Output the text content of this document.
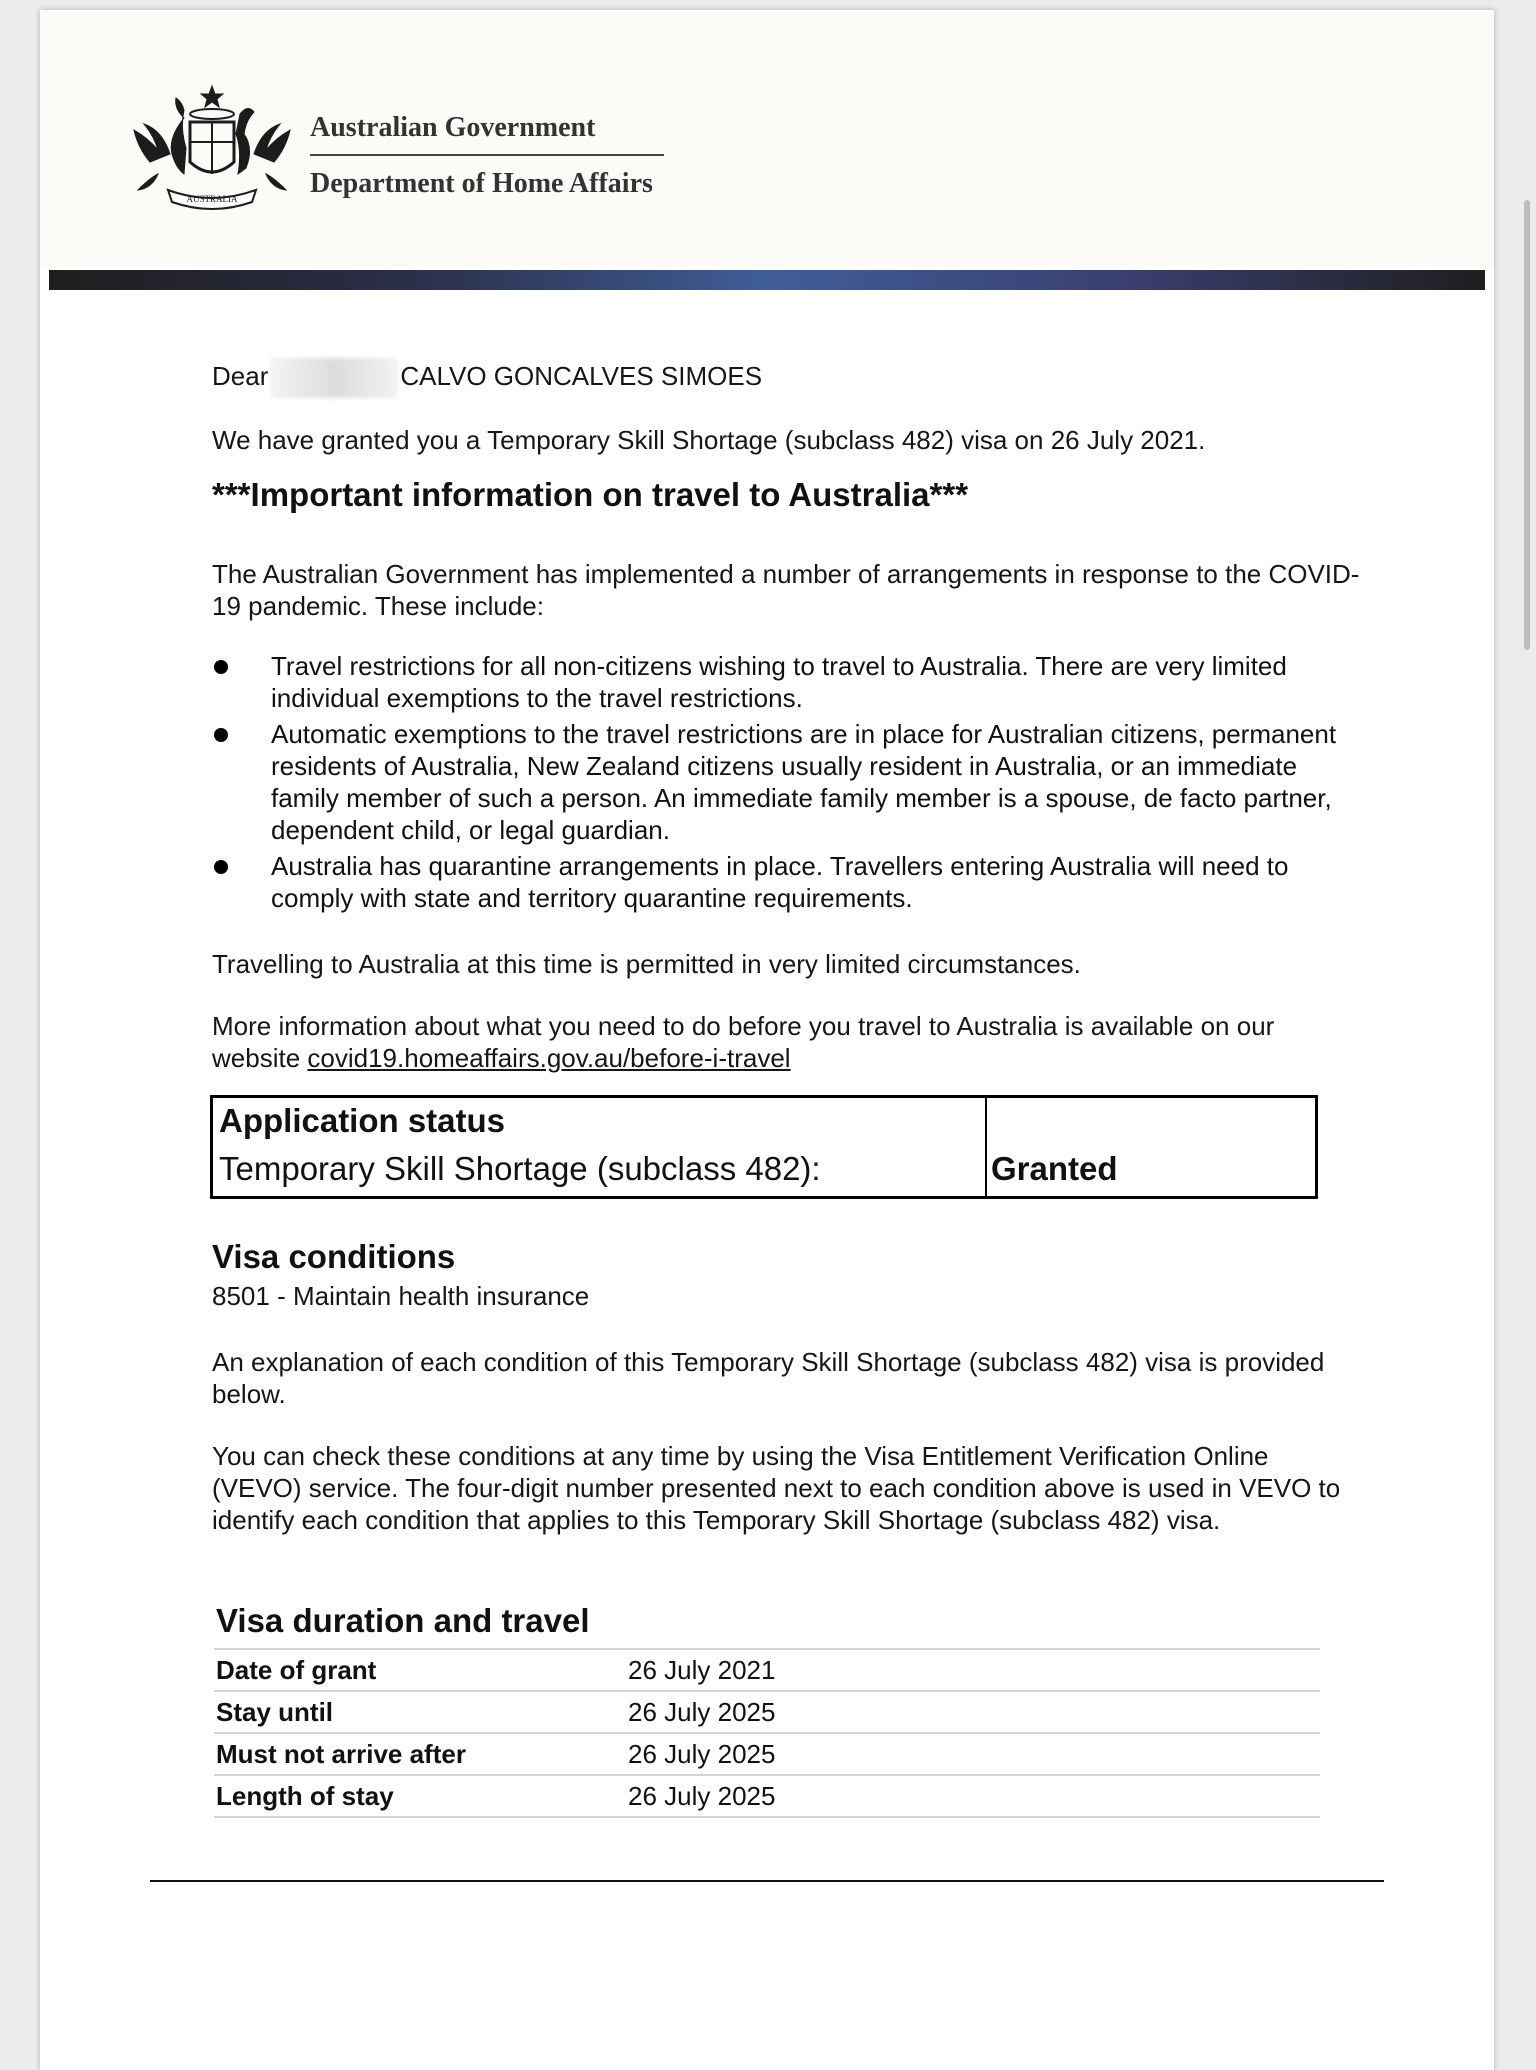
AUSTRALIA
Australian Government
Department of Home Affairs
Dear	CALVO GONCALVES SIMOES
We have granted you a Temporary Skill Shortage (subclass 482) visa on 26 July 2021.
***Important information on travel to Australia***
The Australian Government has implemented a number of arrangements in response to the COVID-19 pandemic. These include:
Travel restrictions for all non-citizens wishing to travel to Australia. There are very limited individual exemptions to the travel restrictions.
Automatic exemptions to the travel restrictions are in place for Australian citizens, permanent residents of Australia, New Zealand citizens usually resident in Australia, or an immediate family member of such a person. An immediate family member is a spouse, de facto partner, dependent child, or legal guardian.
Australia has quarantine arrangements in place. Travellers entering Australia will need to comply with state and territory quarantine requirements.
Travelling to Australia at this time is permitted in very limited circumstances.
More information about what you need to do before you travel to Australia is available on our website covid19.homeaffairs.gov.au/before-i-travel
Application status
Temporary Skill Shortage (subclass 482):	Granted
Visa conditions
8501 - Maintain health insurance
An explanation of each condition of this Temporary Skill Shortage (subclass 482) visa is provided below.
You can check these conditions at any time by using the Visa Entitlement Verification Online (VEVO) service. The four-digit number presented next to each condition above is used in VEVO to identify each condition that applies to this Temporary Skill Shortage (subclass 482) visa.
Visa duration and travel
Date of grant	26 July 2021
Stay until	26 July 2025
Must not arrive after	26 July 2025
Length of stay	26 July 2025
